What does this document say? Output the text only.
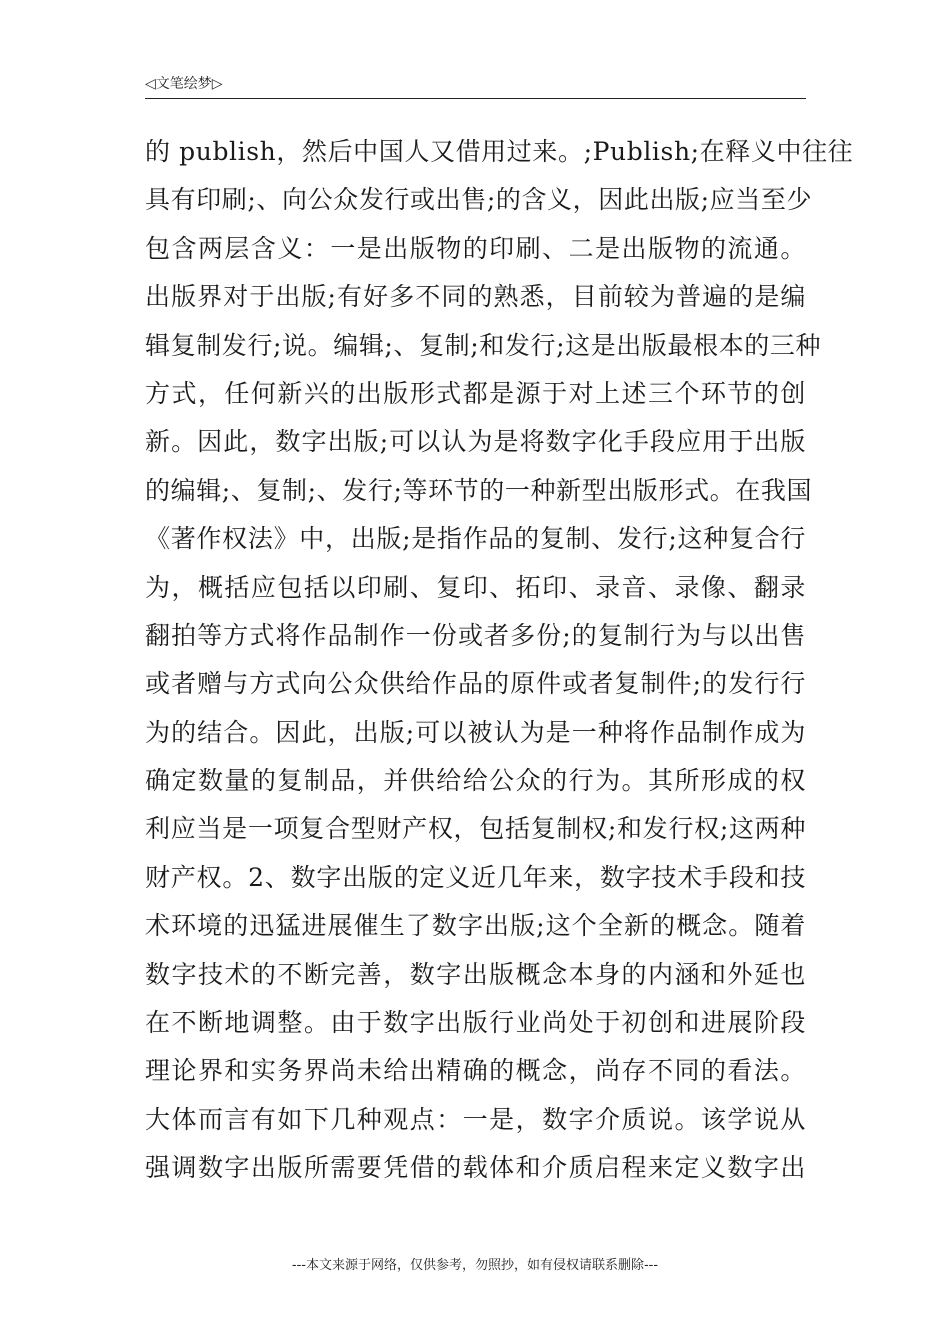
◁文笔绘梦▷
的 publish，然后中国人又借用过来。;Publish;在释义中往往
具有印刷;、向公众发行或出售;的含义，因此出版;应当至少
包含两层含义：一是出版物的印刷、二是出版物的流通。
出版界对于出版;有好多不同的熟悉，目前较为普遍的是编
辑复制发行;说。编辑;、复制;和发行;这是出版最根本的三种
方式，任何新兴的出版形式都是源于对上述三个环节的创
新。因此，数字出版;可以认为是将数字化手段应用于出版
的编辑;、复制;、发行;等环节的一种新型出版形式。在我国
《著作权法》中，出版;是指作品的复制、发行;这种复合行
为，概括应包括以印刷、复印、拓印、录音、录像、翻录
翻拍等方式将作品制作一份或者多份;的复制行为与以出售
或者赠与方式向公众供给作品的原件或者复制件;的发行行
为的结合。因此，出版;可以被认为是一种将作品制作成为
确定数量的复制品，并供给给公众的行为。其所形成的权
利应当是一项复合型财产权，包括复制权;和发行权;这两种
财产权。2、数字出版的定义近几年来，数字技术手段和技
术环境的迅猛进展催生了数字出版;这个全新的概念。随着
数字技术的不断完善，数字出版概念本身的内涵和外延也
在不断地调整。由于数字出版行业尚处于初创和进展阶段
理论界和实务界尚未给出精确的概念，尚存不同的看法。
大体而言有如下几种观点：一是，数字介质说。该学说从
强调数字出版所需要凭借的载体和介质启程来定义数字出
---本文来源于网络，仅供参考，勿照抄，如有侵权请联系删除---
